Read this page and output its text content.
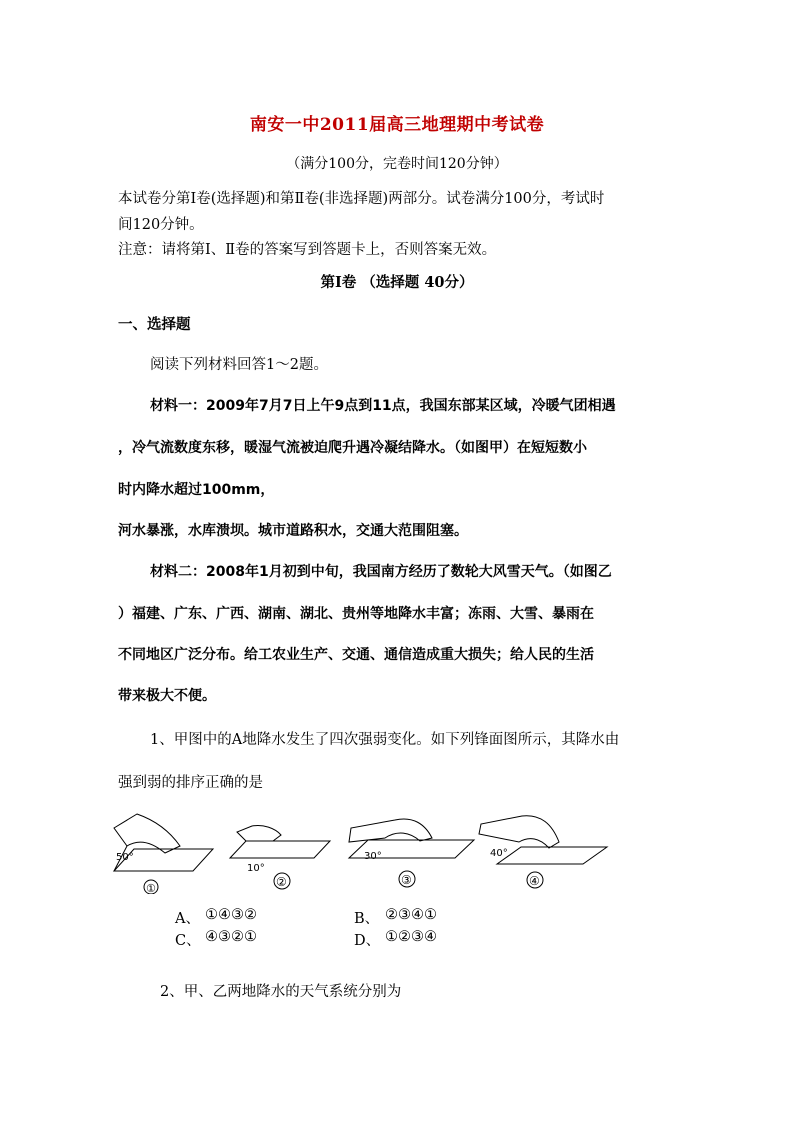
南安一中2011届高三地理期中考试卷
（满分100分，完卷时间120分钟）
本试卷分第Ⅰ卷(选择题)和第Ⅱ卷(非选择题)两部分。试卷满分100分，考试时
间120分钟。
注意：请将第Ⅰ、Ⅱ卷的答案写到答题卡上，否则答案无效。
第Ⅰ卷 （选择题 40分）
一、选择题
阅读下列材料回答1～2题。
材料一：2009年7月7日上午9点到11点，我国东部某区域，冷暖气团相遇
，冷气流数度东移，暖湿气流被迫爬升遇冷凝结降水。（如图甲）在短短数小
时内降水超过100mm，
河水暴涨，水库溃坝。城市道路积水，交通大范围阻塞。
材料二：2008年1月初到中旬，我国南方经历了数轮大风雪天气。（如图乙
）福建、广东、广西、湖南、湖北、贵州等地降水丰富；冻雨、大雪、暴雨在
不同地区广泛分布。给工农业生产、交通、通信造成重大损失；给人民的生活
带来极大不便。
1、甲图中的A地降水发生了四次强弱变化。如下列锋面图所示，其降水由
强到弱的排序正确的是
50°
10°
30°	40°
①	②	③	④
A、 ①④③②	B、 ②③④①
C、 ④③②①	D、 ①②③④
2、甲、乙两地降水的天气系统分别为
